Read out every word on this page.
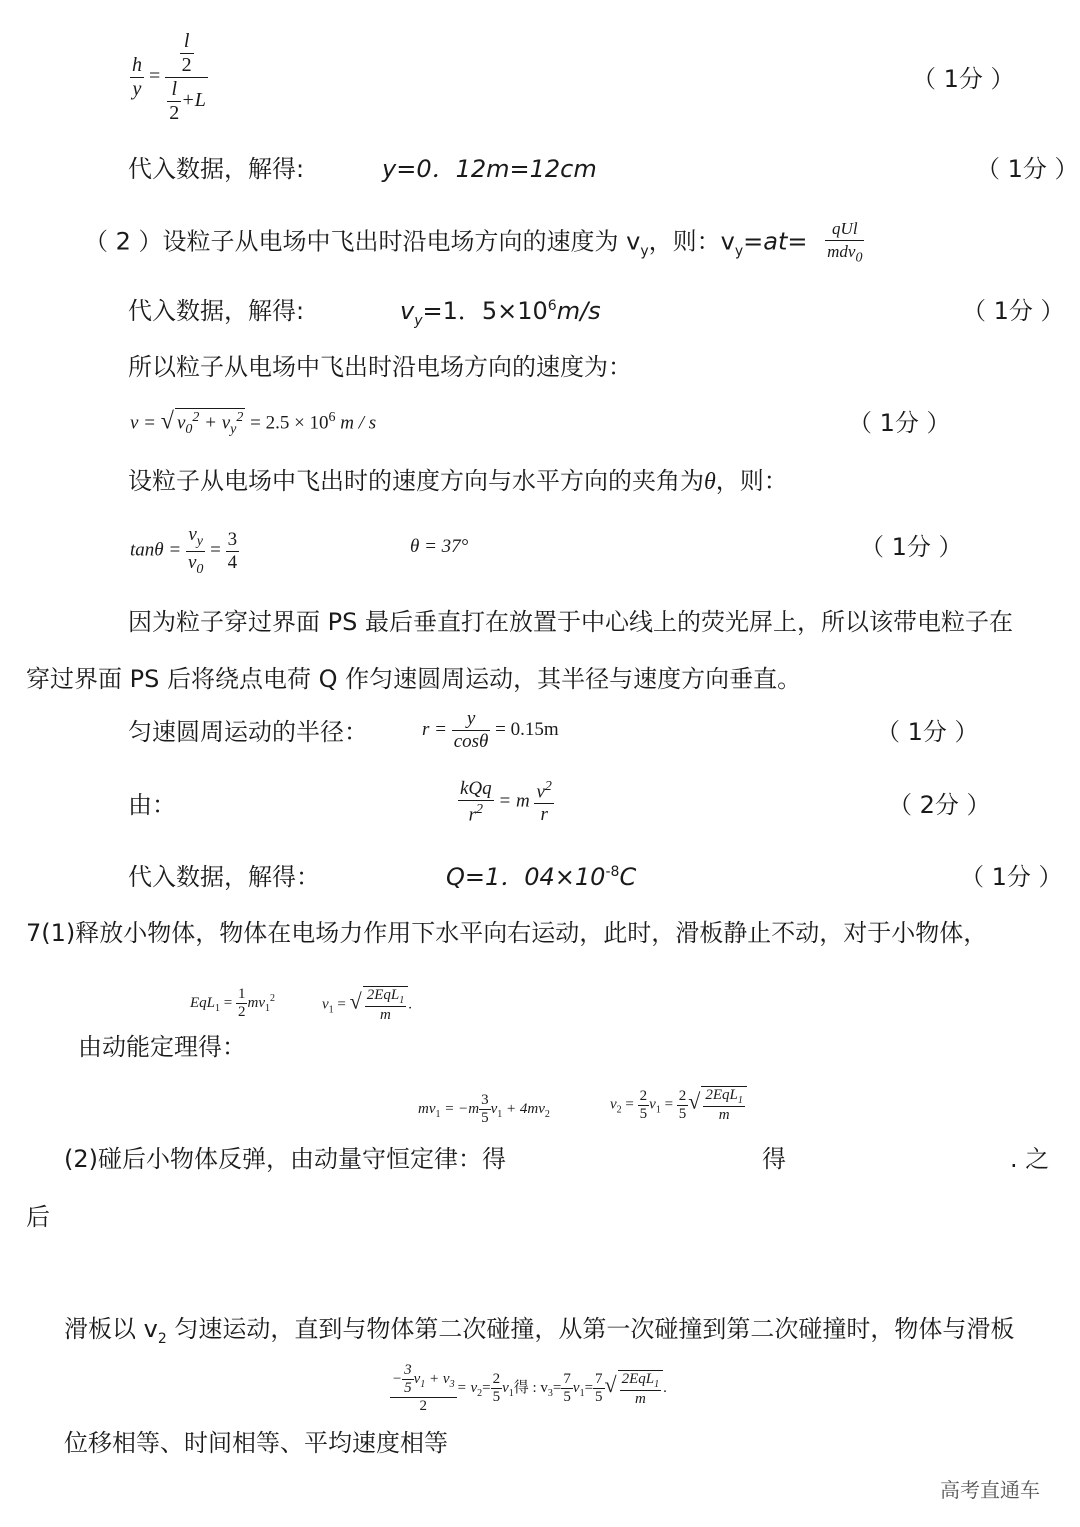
$\frac{h}{y} = \frac{\frac{l}{2}}{\frac{l}{2} +L}$	（ 1分 ）
代入数据，解得:	y=0．12m=12cm	（ 1分 ）
（ 2 ）设粒子从电场中飞出时沿电场方向的速度为 $v_y$，则：$v_y=at= \frac{\text{qUl}}{mdv_0}$
代入数据，解得:	$v_y=1$．$5\times 10^6m/s$	（ 1分 ）
所以粒子从电场中飞出时沿电场方向的速度为：
v = √ $v_0^2 + v_y^2 = 2.5 \times 10^6$ m / s	（ 1分 ）
设粒子从电场中飞出时的速度方向与水平方向的夹角为θ，则：
$\tan\theta = \frac{v_y}{v_0} = \frac{3}{4}$	θ = 37°	（ 1分 ）
因为粒子穿过界面 PS 最后垂直打在放置于中心线上的荧光屏上，所以该带电粒子在
穿过界面 PS 后将绕点电荷 Q 作匀速圆周运动，其半径与速度方向垂直。
匀速圆周运动的半径：	$r = \frac{y}{\cos\theta} = 0.15m$	（ 1分 ）
由：	$\frac{\text{kQq}}{r^2} = m \frac{v^2}{r}$	（ 2分 ）
代入数据，解得：	Q=1．$04\times 10^{-8}C$	（ 1分 ）
7(1)释放小物体，物体在电场力作用下水平向右运动，此时，滑板静止不动，对于小物体，
$EqL_1 = \frac{1}{2} mv_1^2$	$v_1$ = √ $\frac{2EqL_1}{m}$ .
由动能定理得：
$mv_1 = -m \frac{3}{5} v_1 + 4mv_2$
$v_2 = \frac{2}{5} v_1 = \frac{2}{5}$ √ $\frac{2EqL_1}{m}$
(2)碰后小物体反弹，由动量守恒定律：得	得	. 之
后
滑板以 $v_2$ 匀速运动，直到与物体第二次碰撞，从第一次碰撞到第二次碰撞时，物体与滑板
$\frac{- \frac{3}{5} v_1 + v_3}{2} = v_2= \frac{2}{5} v_1$得 : $v_3= \frac{7}{5} v_1= \frac{7}{5}$ √ $\frac{2EqL_1}{m}$ .
位移相等、时间相等、平均速度相等
高考直通车
